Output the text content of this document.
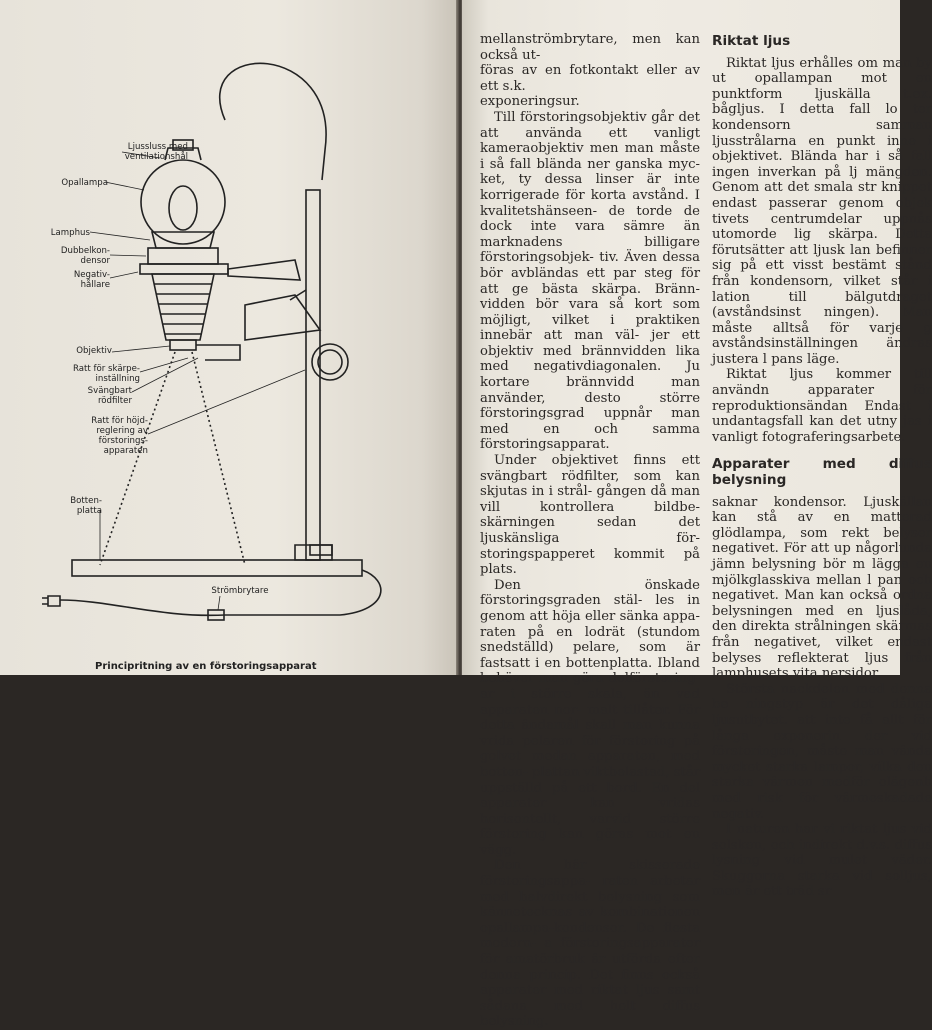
Ljussluss med
ventilationshål
Opallampa
Lamphus
Dubbelkon-
densor
Negativ-
hållare
Objektiv
Ratt för skärpe-
inställning
Svängbart
rödfilter
Ratt för höjd-
reglering av
förstorings-
apparaten
Botten-
platta
Strömbrytare
Principritning av en förstoringsapparat

mellanströmbrytare, men kan också ut-
föras av en fotkontakt eller av ett s.k.
exponeringsur.

Till förstoringsobjektiv går det att använda ett vanligt kameraobjektiv men man måste i så fall bländа ner ganska myc- ket, ty dessa linser är inte korrigerade för korta avstånd. I kvalitetshänseen- de torde de dock inte vara sämre än marknadens billigare förstoringsobjek- tiv. Även dessa bör avbländas ett par steg för att ge bästa skärpa. Bränn- vidden bör vara så kort som möjligt, vilket i praktiken innebär att man väl- jer ett objektiv med brännvidden lika med negativdiagonalen. Ju kortare brännvidd man använder, desto större förstoringsgrad uppnår man med en och samma förstoringsapparat.

Under objektivet finns ett svängbart rödfilter, som kan skjutas in i strål- gången då man vill kontrollera bildbe- skärningen sedan det ljuskänsliga för- storingspapperet kommit på plats.

Den önskade förstoringsgraden stäl- les in genom att höja eller sänka appa- raten på en lodrät (stundom snedställd) pelare, som är fastsatt i en bottenplatta. Ibland behöver man göra delförstoring- ar i större skala, än vad apparaten nor- malt tillåter. För detta ändamål skall man kunna vrida pelaren för förstoring på golvet medan apparaten, med botten- plattan viktbelastad, står uppställd på ett bord. En del apparater kan vridas horisontellt, varvid större förstoring kan göras mot en vägg.

Den här skisserade förstoringsappa- raten arbetar med halvdirekt belysning som kännetecknas av kombinationen opallampa-kondensor. De flesta modern- a förstoringsapparater för amatörbruk är utförda efter denna princip. Det finns också apparater med riktat ljus samt sådana med helt diffus belysning.

Riktat ljus

Riktat ljus erhålles om man by ut opallampan mot en punktform ljuskälla t.ex. båglјus. I detta fall lо ter kondensorn samman ljusstrålarna en punkt inne i objektivet. Bländа har i så fall ingen inverkan på lј mängden. Genom att det smala str knippet endast passerar genom objek tivets centrumdelar uppnås utomorde lig skärpa. Detta förutsätter att ljusk lan befinner sig på ett visst bestämt stånd från kondensorn, vilket står i lation till bälgutdraget (avståndsinst ningen). Man måste alltså för varje g avståndsinställningen ändras justera l pans läge.

Riktat ljus kommer till användn apparater för reproduktionsändan Endast i undantagsfall kan det utny jas i vanligt fotograferingsarbete.

Apparater med diffus belysning

saknar kondensor. Ljuskällan kan stå av en matterad glödlampa, som rekt belyser negativet. För att up någorlunda jämn belysning bör m lägga en mjölkglasskiva mellan l pan och negativet. Man kan också ordna belysningen med en ljuslåda, den direkta strålningen skärmas från negativet, vilket endast belyses reflekterat ljus från lamphusets vita nersidor.

Största nackdelen med denna be ningstyp är det dåliga ljusutbytet. att inte få allt för långa exponerin der vid förstoringen, måste man vända mycket starka lampor, vilka den starka värmen medför olägenh med risk för värmeskadade negativ.

I naturen har vi riktat ljus vid solsken, och indirekt d.v.s. diffus lysning vid mulet väder. Skuggorna starka vid solljus, men är ett träd sr
